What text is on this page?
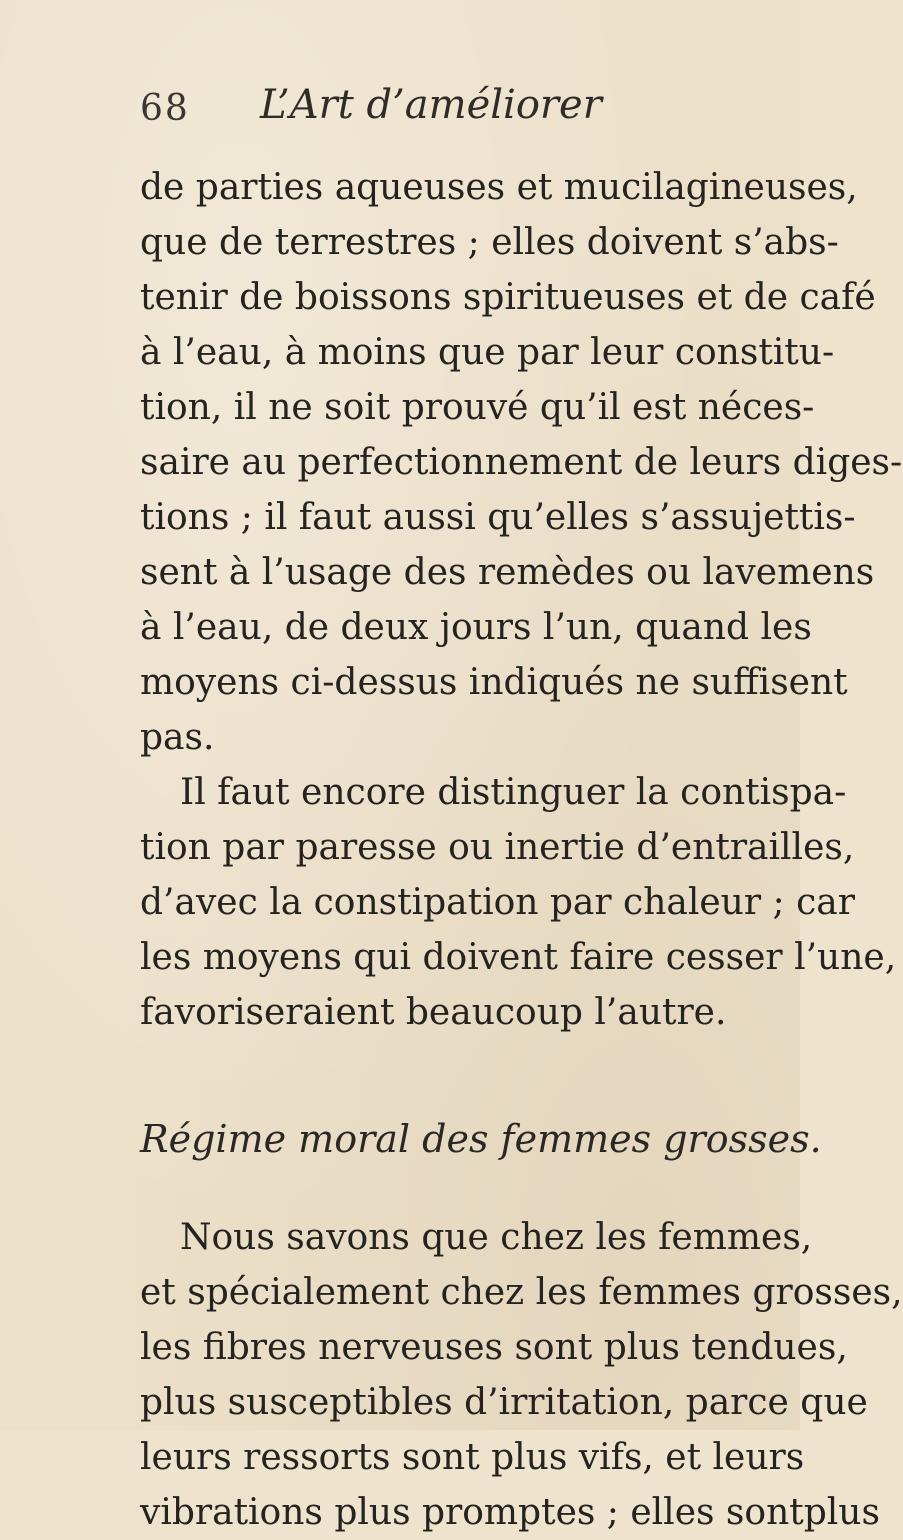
68 L’Art d’améliorer
de parties aqueuses et mucilagineuses,
que de terrestres ; elles doivent s’abs-
tenir de boissons spiritueuses et de café
à l’eau, à moins que par leur constitu-
tion, il ne soit prouvé qu’il est néces-
saire au perfectionnement de leurs diges-
tions ; il faut aussi qu’elles s’assujettis-
sent à l’usage des remèdes ou lavemens
à l’eau, de deux jours l’un, quand les
moyens ci-dessus indiqués ne suffisent
pas.
Il faut encore distinguer la contispa-
tion par paresse ou inertie d’entrailles,
d’avec la constipation par chaleur ; car
les moyens qui doivent faire cesser l’une,
favoriseraient beaucoup l’autre.
Régime moral des femmes grosses.
Nous savons que chez les femmes,
et spécialement chez les femmes grosses,
les fibres nerveuses sont plus tendues,
plus susceptibles d’irritation, parce que
leurs ressorts sont plus vifs, et leurs
vibrations plus promptes ; elles sontplus
